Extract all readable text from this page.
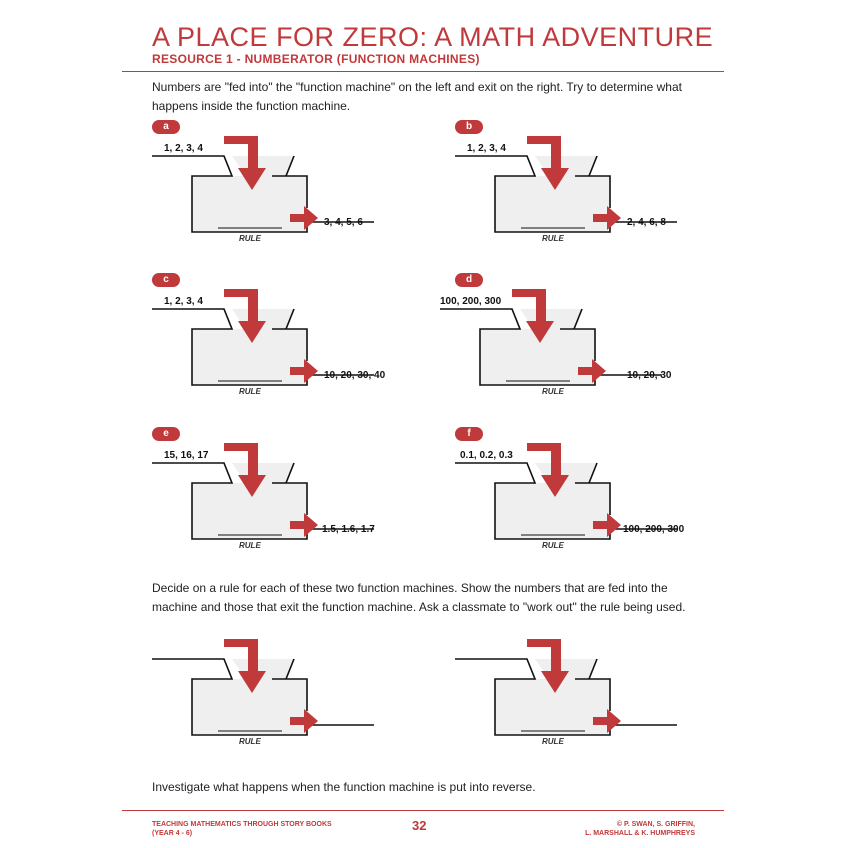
A PLACE FOR ZERO: A MATH ADVENTURE
RESOURCE 1 - NUMBERATOR (FUNCTION MACHINES)
Numbers are "fed into" the "function machine" on the left and exit on the right. Try to determine what happens inside the function machine.
a
1, 2, 3, 4
3, 4, 5, 6
RULE
b
1, 2, 3, 4
2, 4, 6, 8
RULE
c
1, 2, 3, 4
10, 20, 30, 40
RULE
d
100, 200, 300
10, 20, 30
RULE
e
15, 16, 17
1.5, 1.6, 1.7
RULE
f
0.1, 0.2, 0.3
100, 200, 300
RULE
Decide on a rule for each of these two function machines. Show the numbers that are fed into the machine and those that exit the function machine. Ask a classmate to "work out" the rule being used.
RULE	RULE
Investigate what happens when the function machine is put into reverse.
TEACHING MATHEMATICS THROUGH STORY BOOKS
(YEAR 4 - 6)
32	© P. SWAN, S. GRIFFIN,
L. MARSHALL & K. HUMPHREYS
